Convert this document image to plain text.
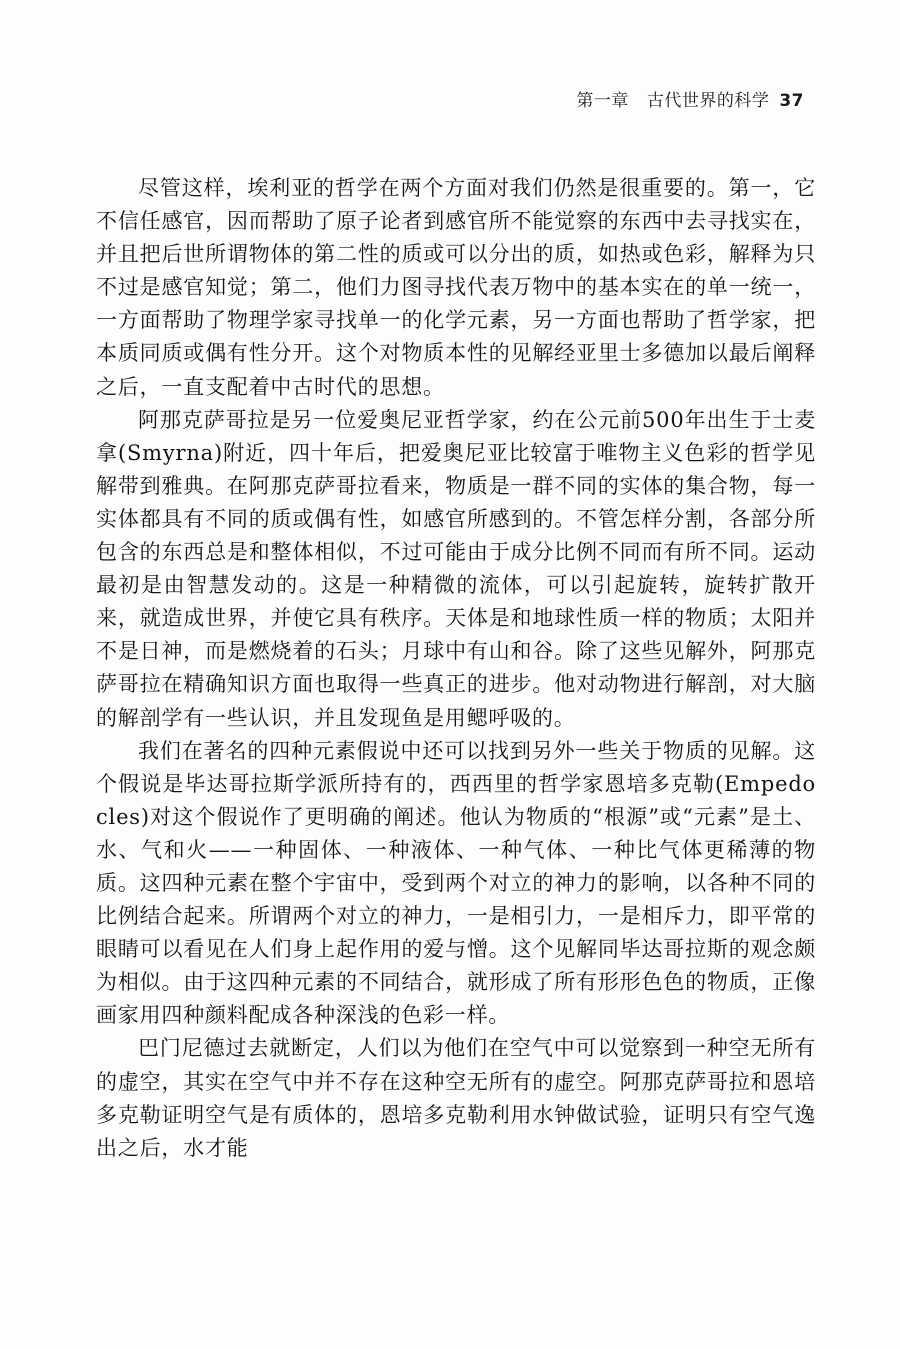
第一章 古代世界的科学 37

尽管这样，埃利亚的哲学在两个方面对我们仍然是很重要的。第一，它不信任感官，因而帮助了原子论者到感官所不能觉察的东西中去寻找实在，并且把后世所谓物体的第二性的质或可以分出的质，如热或色彩，解释为只不过是感官知觉；第二，他们力图寻找代表万物中的基本实在的单一统一，一方面帮助了物理学家寻找单一的化学元素，另一方面也帮助了哲学家，把本质同质或偶有性分开。这个对物质本性的见解经亚里士多德加以最后阐释之后，一直支配着中古时代的思想。

阿那克萨哥拉是另一位爱奥尼亚哲学家，约在公元前500年出生于士麦拿(Smyrna)附近，四十年后，把爱奥尼亚比较富于唯物主义色彩的哲学见解带到雅典。在阿那克萨哥拉看来，物质是一群不同的实体的集合物，每一实体都具有不同的质或偶有性，如感官所感到的。不管怎样分割，各部分所包含的东西总是和整体相似，不过可能由于成分比例不同而有所不同。运动最初是由智慧发动的。这是一种精微的流体，可以引起旋转，旋转扩散开来，就造成世界，并使它具有秩序。天体是和地球性质一样的物质；太阳并不是日神，而是燃烧着的石头；月球中有山和谷。除了这些见解外，阿那克萨哥拉在精确知识方面也取得一些真正的进步。他对动物进行解剖，对大脑的解剖学有一些认识，并且发现鱼是用鳃呼吸的。

我们在著名的四种元素假说中还可以找到另外一些关于物质的见解。这个假说是毕达哥拉斯学派所持有的，西西里的哲学家恩培多克勒(Empedocles)对这个假说作了更明确的阐述。他认为物质的“根源”或“元素”是土、水、气和火——一种固体、一种液体、一种气体、一种比气体更稀薄的物质。这四种元素在整个宇宙中，受到两个对立的神力的影响，以各种不同的比例结合起来。所谓两个对立的神力，一是相引力，一是相斥力，即平常的眼睛可以看见在人们身上起作用的爱与憎。这个见解同毕达哥拉斯的观念颇为相似。由于这四种元素的不同结合，就形成了所有形形色色的物质，正像画家用四种颜料配成各种深浅的色彩一样。

巴门尼德过去就断定，人们以为他们在空气中可以觉察到一种空无所有的虚空，其实在空气中并不存在这种空无所有的虚空。阿那克萨哥拉和恩培多克勒证明空气是有质体的，恩培多克勒利用水钟做试验，证明只有空气逸出之后，水才能
